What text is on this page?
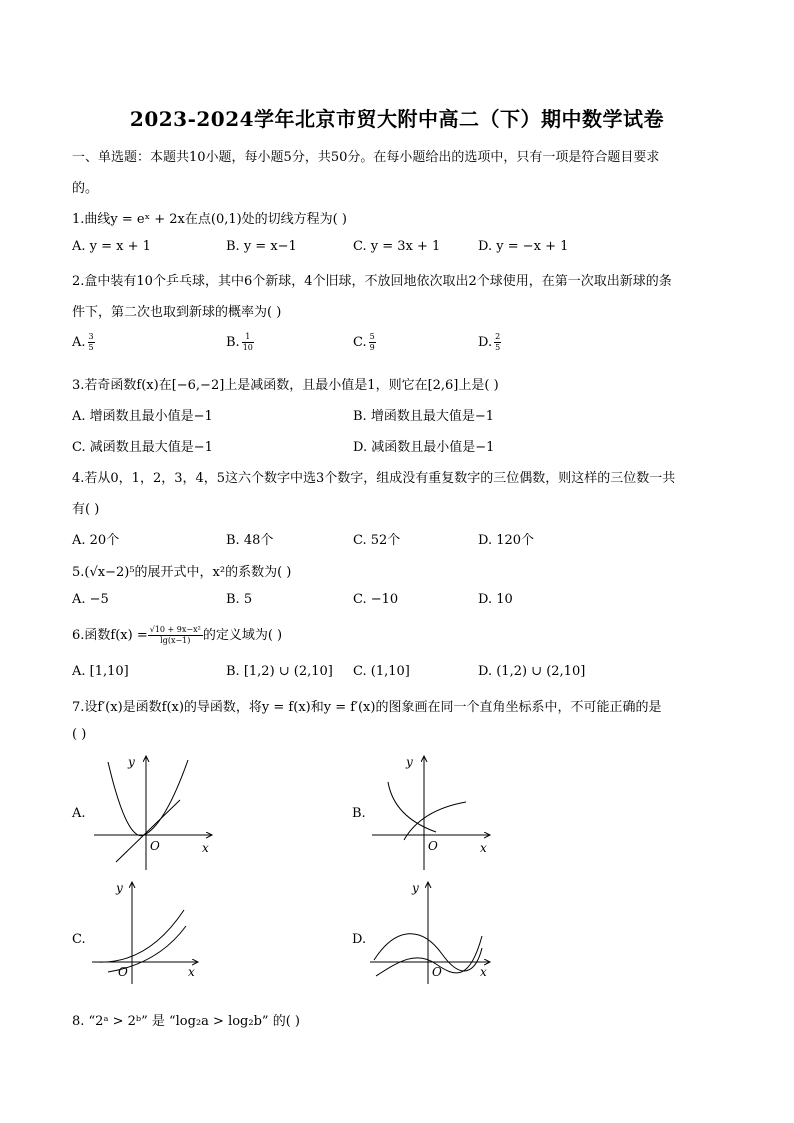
2023-2024学年北京市贸大附中高二（下）期中数学试卷
一、单选题：本题共10小题，每小题5分，共50分。在每小题给出的选项中，只有一项是符合题目要求
的。
1.曲线y = eˣ + 2x在点(0,1)处的切线方程为( )
A. y = x + 1	B. y = x−1	C. y = 3x + 1	D. y = −x + 1
2.盒中装有10个乒乓球，其中6个新球，4个旧球，不放回地依次取出2个球使用，在第一次取出新球的条
件下，第二次也取到新球的概率为( )
A. $\frac{3}{5}$	B. $\frac{1}{10}$	C. $\frac{5}{9}$	D. $\frac{2}{5}$
3.若奇函数f(x)在[−6,−2]上是减函数，且最小值是1，则它在[2,6]上是( )
A. 增函数且最小值是−1	B. 增函数且最大值是−1
C. 减函数且最大值是−1	D. 减函数且最小值是−1
4.若从0，1，2，3，4，5这六个数字中选3个数字，组成没有重复数字的三位偶数，则这样的三位数一共
有( )
A. 20个	B. 48个	C. 52个	D. 120个
5.(√x−2)⁵的展开式中，x²的系数为( )
A. −5	B. 5	C. −10	D. 10
6.函数$f(x) = \frac{\text{√10 + 9x−x²}}{\lg(x-1)}$ 的定义域为( )
A. [1,10]	B. [1,2) ∪ (2,10] C. (1,10]	D. (1,2) ∪ (2,10]
7.设f′(x)是函数f(x)的导函数，将y = f(x)和y = f′(x)的图象画在同一个直角坐标系中，不可能正确的是
( )
A.
y
O	x
B.
y
O	x
C.
y
O	x
D.
y
O	x
8. “2ᵃ > 2ᵇ” 是 “log₂a > log₂b” 的( )
